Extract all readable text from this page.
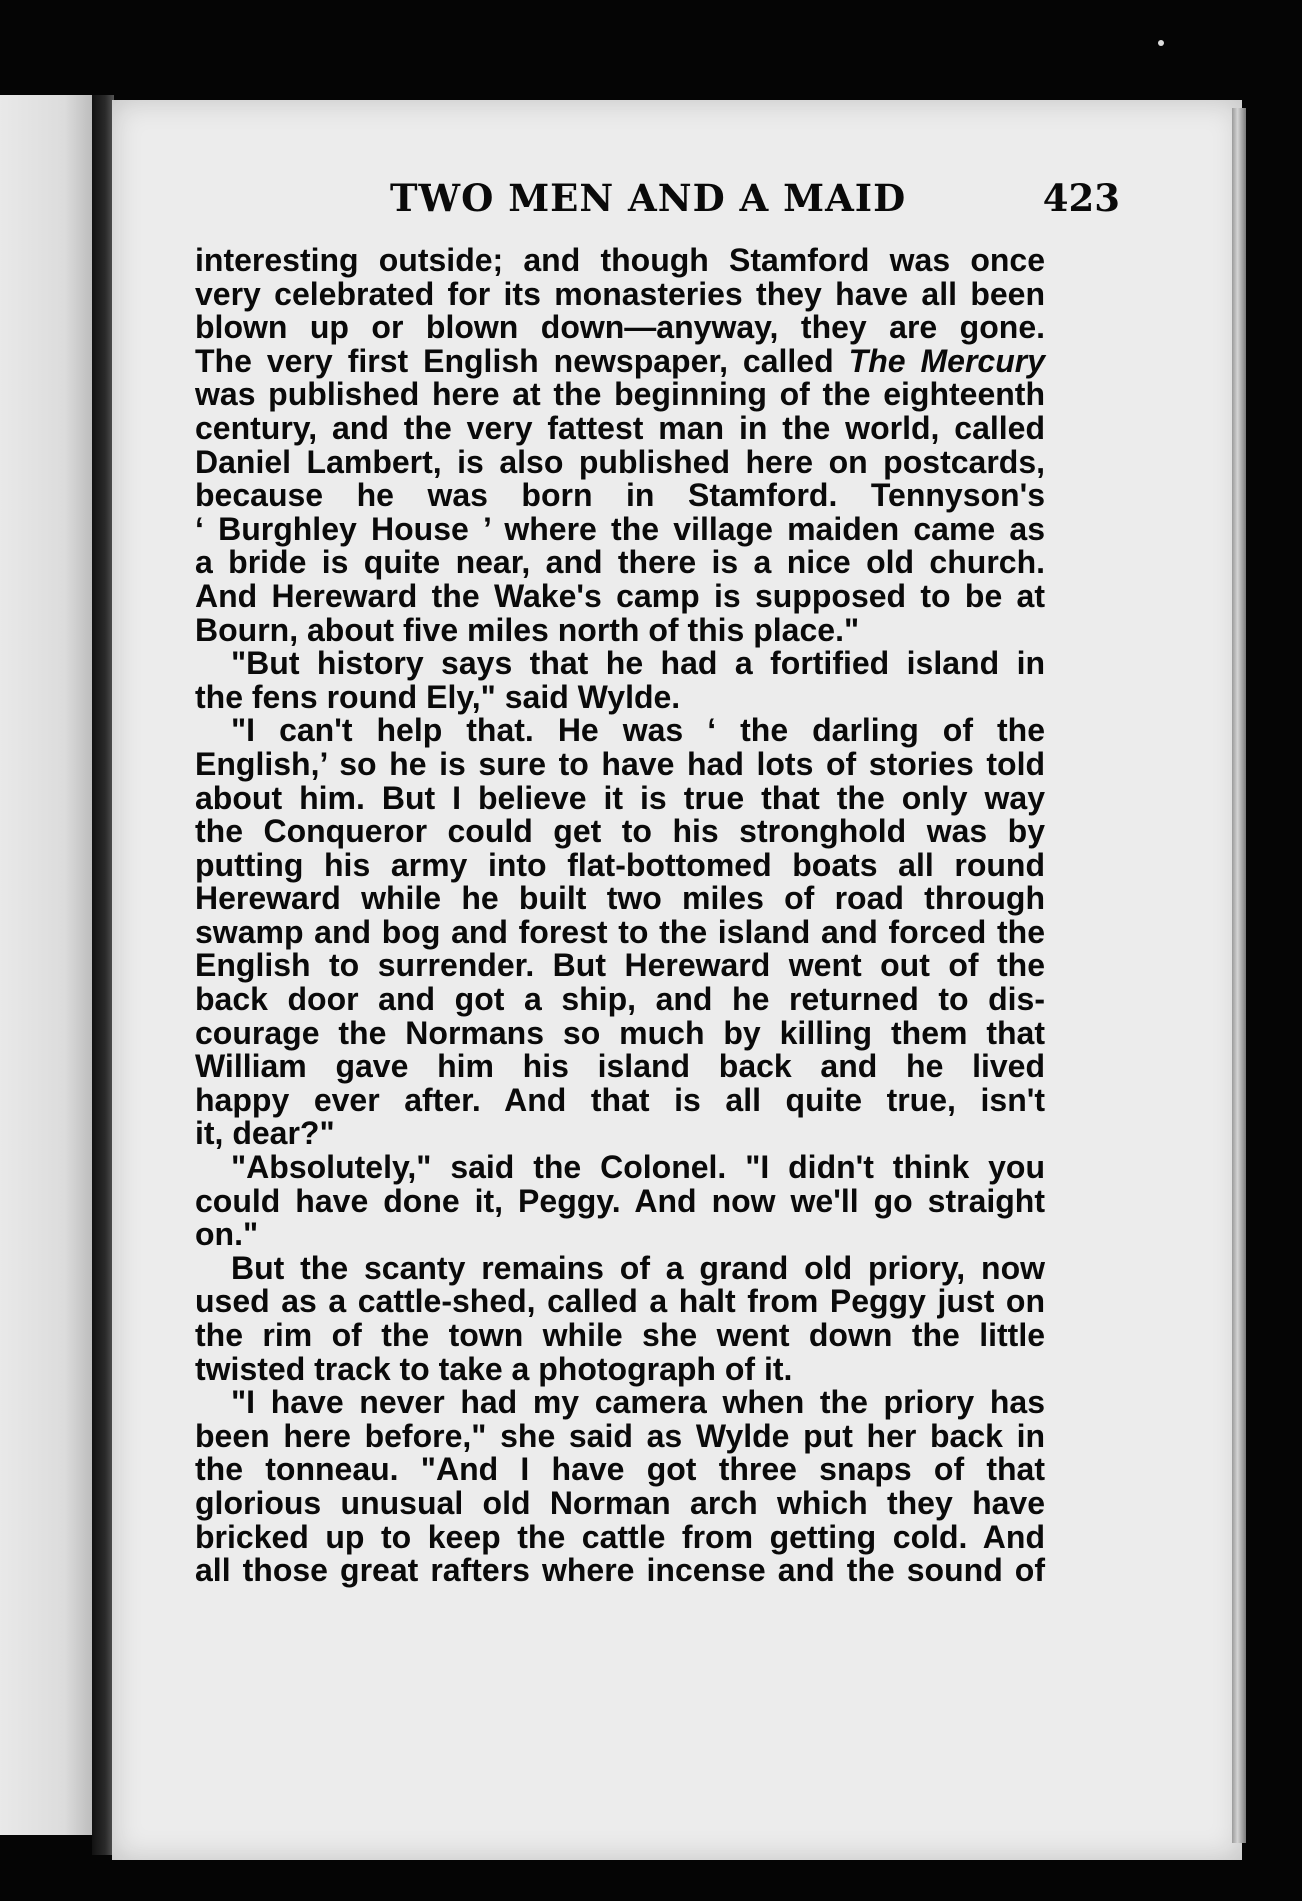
TWO MEN AND A MAID	423
interesting outside; and though Stamford was once
very celebrated for its monasteries they have all been
blown up or blown down—anyway, they are gone.
The very first English newspaper, called The Mercury
was published here at the beginning of the eighteenth
century, and the very fattest man in the world, called
Daniel Lambert, is also published here on postcards,
because he was born in Stamford. Tennyson's
‘ Burghley House ’ where the village maiden came as
a bride is quite near, and there is a nice old church.
And Hereward the Wake's camp is supposed to be at
Bourn, about five miles north of this place."
"But history says that he had a fortified island in
the fens round Ely," said Wylde.
"I can't help that. He was ‘ the darling of the
English,’ so he is sure to have had lots of stories told
about him. But I believe it is true that the only way
the Conqueror could get to his stronghold was by
putting his army into flat-bottomed boats all round
Hereward while he built two miles of road through
swamp and bog and forest to the island and forced the
English to surrender. But Hereward went out of the
back door and got a ship, and he returned to dis-
courage the Normans so much by killing them that
William gave him his island back and he lived
happy ever after. And that is all quite true, isn't
it, dear?"
"Absolutely," said the Colonel. "I didn't think you
could have done it, Peggy. And now we'll go straight
on."
But the scanty remains of a grand old priory, now
used as a cattle-shed, called a halt from Peggy just on
the rim of the town while she went down the little
twisted track to take a photograph of it.
"I have never had my camera when the priory has
been here before," she said as Wylde put her back in
the tonneau. "And I have got three snaps of that
glorious unusual old Norman arch which they have
bricked up to keep the cattle from getting cold. And
all those great rafters where incense and the sound of
